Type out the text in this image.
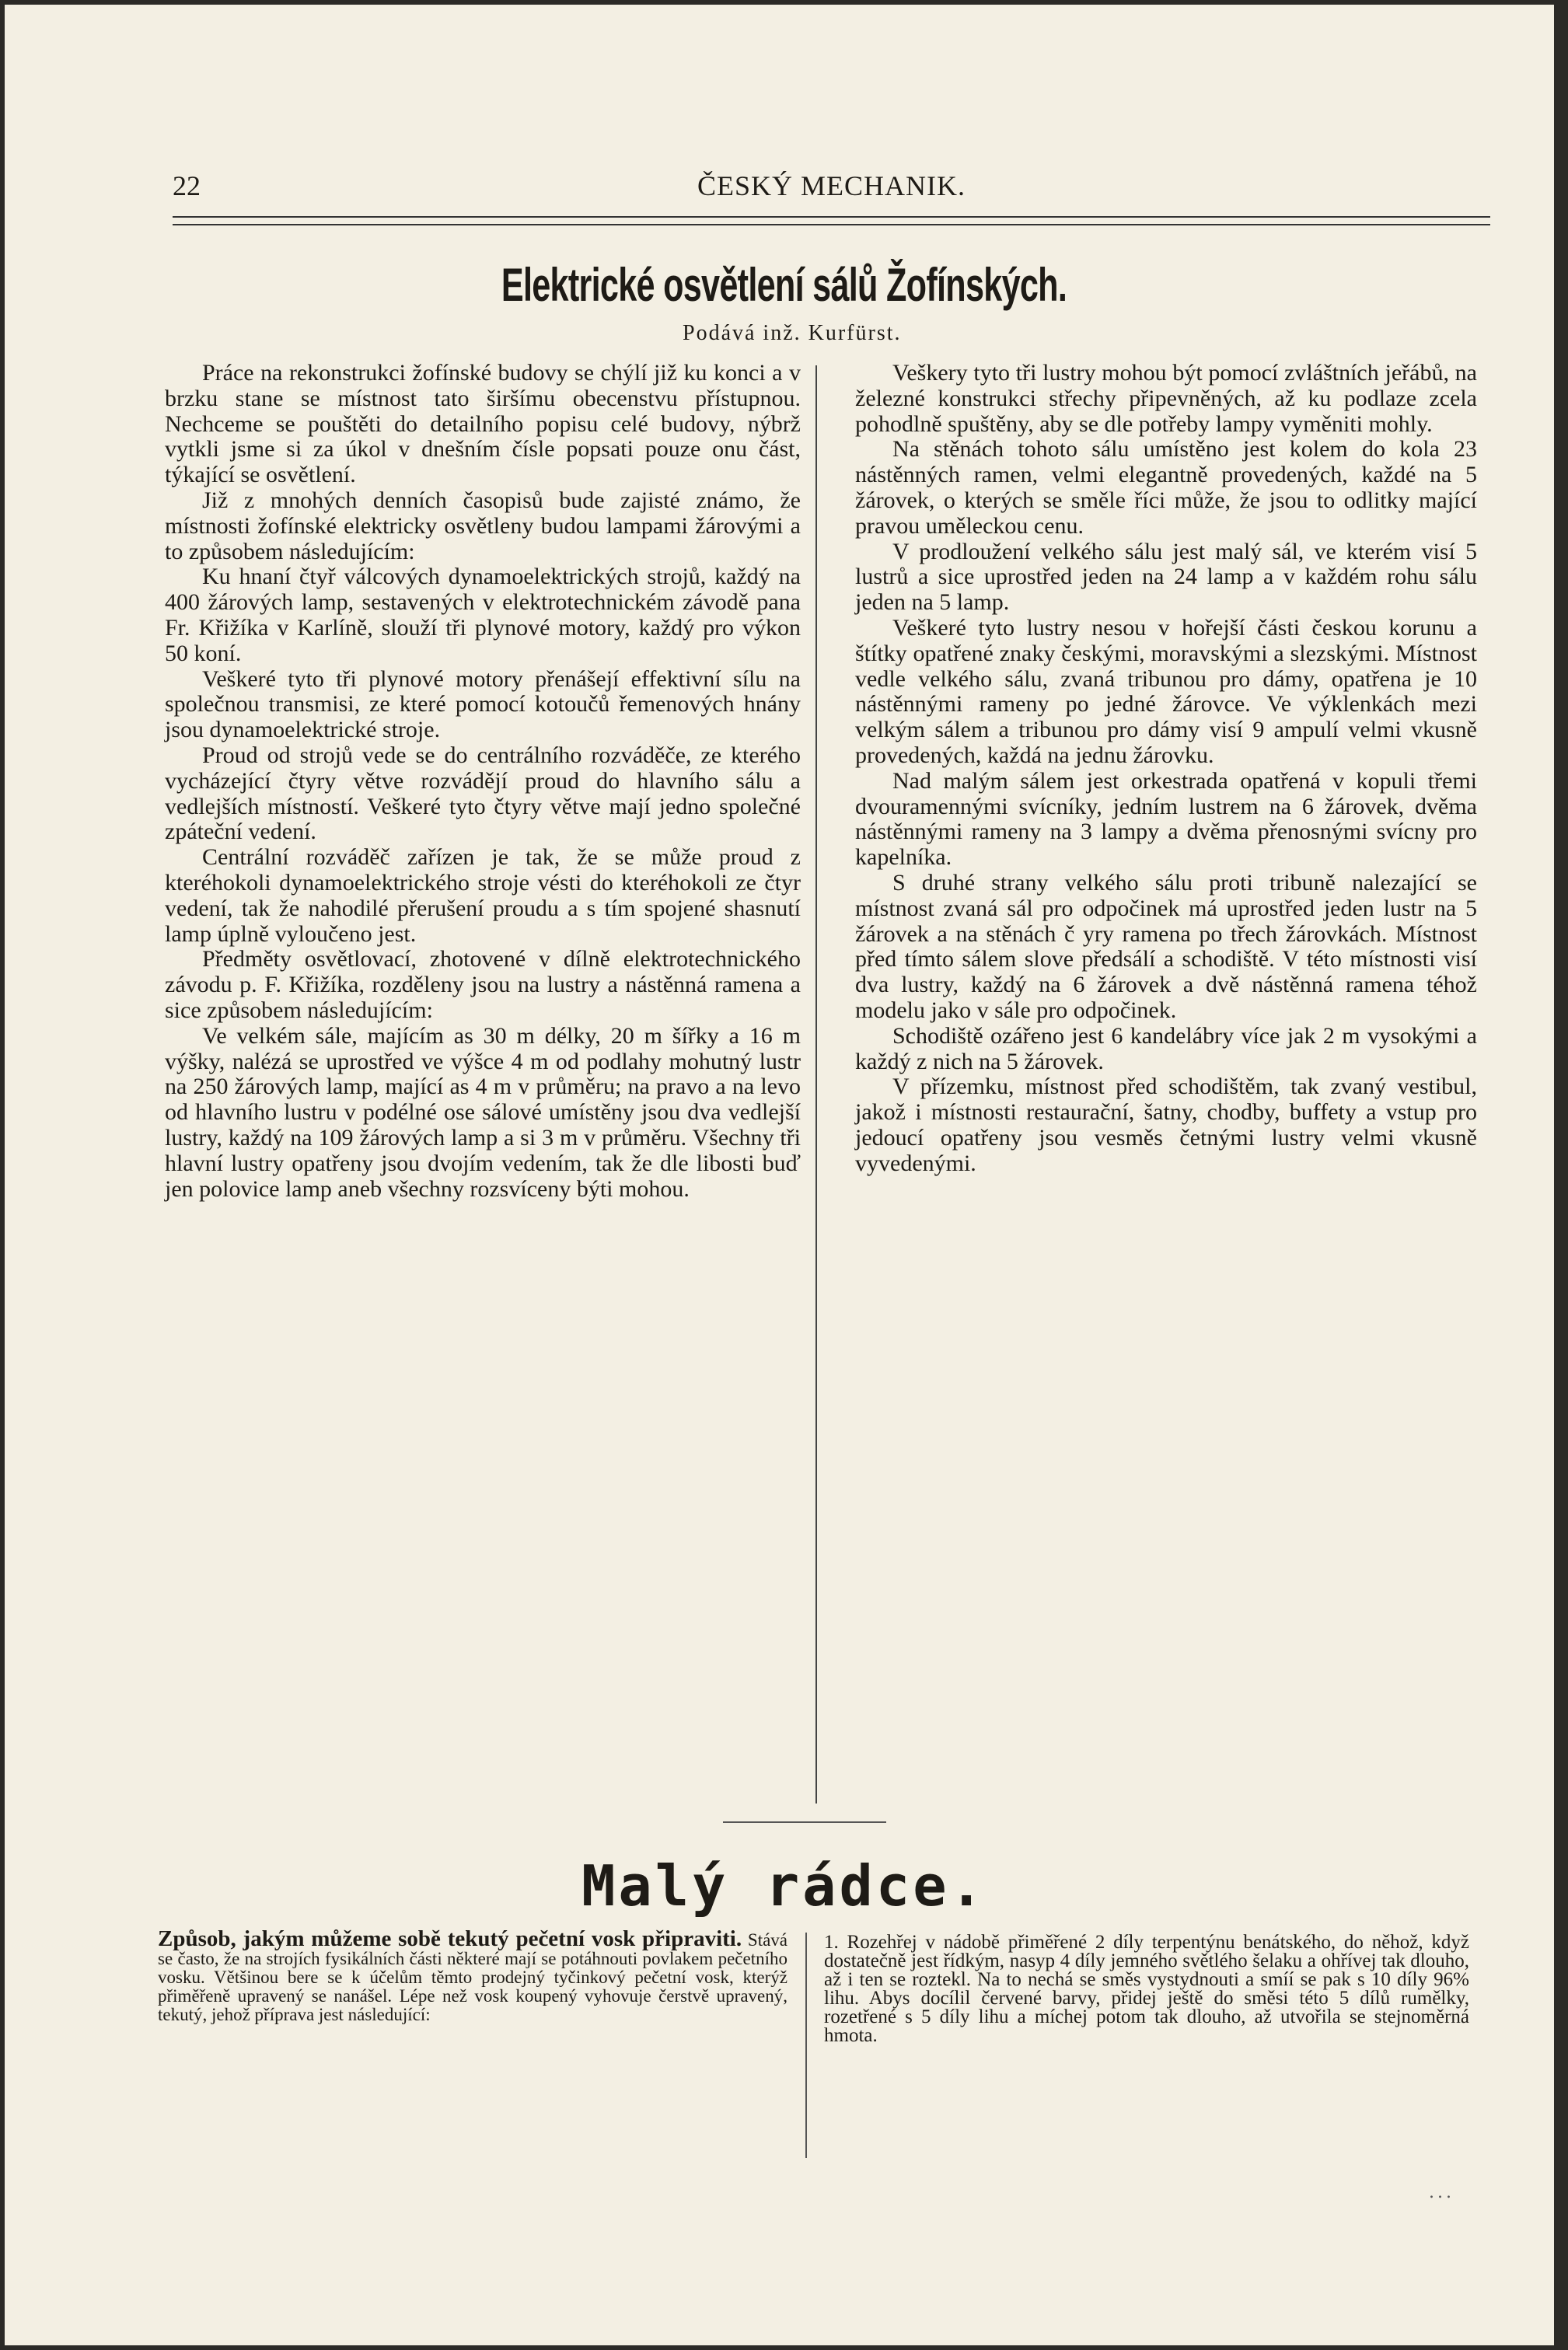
22	ČESKÝ MECHANIK.
Elektrické osvětlení sálů Žofínských.
Podává inž. Kurfürst.

Práce na rekonstrukci žofínské budovy se chýlí již ku konci a v brzku stane se místnost tato širšímu obecenstvu přístupnou. Nechceme se pouštěti do detailního popisu celé budovy, nýbrž vytkli jsme si za úkol v dnešním čísle popsati pouze onu část, týkající se osvětlení.

Již z mnohých denních časopisů bude zajisté známo, že místnosti žofínské elektricky osvětleny budou lampami žárovými a to způsobem následujícím:

Ku hnaní čtyř válcových dynamoelektrických strojů, každý na 400 žárových lamp, sestavených v elektrotechnickém závodě pana Fr. Křižíka v Karlíně, slouží tři plynové motory, každý pro výkon 50 koní.

Veškeré tyto tři plynové motory přenášejí effektivní sílu na společnou transmisi, ze které pomocí kotoučů řemenových hnány jsou dynamoelektrické stroje.

Proud od strojů vede se do centrálního rozváděče, ze kterého vycházející čtyry větve rozvádějí proud do hlavního sálu a vedlejších místností. Veškeré tyto čtyry větve mají jedno společné zpáteční vedení.

Centrální rozváděč zařízen je tak, že se může proud z kteréhokoli dynamoelektrického stroje vésti do kteréhokoli ze čtyr vedení, tak že nahodilé přerušení proudu a s tím spojené shasnutí lamp úplně vyloučeno jest.

Předměty osvětlovací, zhotovené v dílně elektrotechnického závodu p. F. Křižíka, rozděleny jsou na lustry a nástěnná ramena a sice způsobem následujícím:

Ve velkém sále, majícím as 30 m délky, 20 m šířky a 16 m výšky, nalézá se uprostřed ve výšce 4 m od podlahy mohutný lustr na 250 žárových lamp, mající as 4 m v průměru; na pravo a na levo od hlavního lustru v podélné ose sálové umístěny jsou dva vedlejší lustry, každý na 109 žárových lamp a si 3 m v průměru. Všechny tři hlavní lustry opatřeny jsou dvojím vedením, tak že dle libosti buď jen polovice lamp aneb všechny rozsvíceny býti mohou.

Veškery tyto tři lustry mohou být pomocí zvláštních jeřábů, na železné konstrukci střechy připevněných, až ku podlaze zcela pohodlně spuštěny, aby se dle potřeby lampy vyměniti mohly.

Na stěnách tohoto sálu umístěno jest kolem do kola 23 nástěnných ramen, velmi elegantně provedených, každé na 5 žárovek, o kterých se směle říci může, že jsou to odlitky mající pravou uměleckou cenu.

V prodloužení velkého sálu jest malý sál, ve kterém visí 5 lustrů a sice uprostřed jeden na 24 lamp a v každém rohu sálu jeden na 5 lamp.

Veškeré tyto lustry nesou v hořejší části českou korunu a štítky opatřené znaky českými, moravskými a slezskými. Místnost vedle velkého sálu, zvaná tribunou pro dámy, opatřena je 10 nástěnnými rameny po jedné žárovce. Ve výklenkách mezi velkým sálem a tribunou pro dámy visí 9 ampulí velmi vkusně provedených, každá na jednu žárovku.

Nad malým sálem jest orkestrada opatřená v kopuli třemi dvouramennými svícníky, jedním lustrem na 6 žárovek, dvěma nástěnnými rameny na 3 lampy a dvěma přenosnými svícny pro kapelníka.

S druhé strany velkého sálu proti tribuně nalezající se místnost zvaná sál pro odpočinek má uprostřed jeden lustr na 5 žárovek a na stěnách č yry ramena po třech žárovkách. Místnost před tímto sálem slove předsálí a schodiště. V této místnosti visí dva lustry, každý na 6 žárovek a dvě nástěnná ramena téhož modelu jako v sále pro odpočinek.

Schodiště ozářeno jest 6 kandelábry více jak 2 m vysokými a každý z nich na 5 žárovek.

V přízemku, místnost před schodištěm, tak zvaný vestibul, jakož i místnosti restaurační, šatny, chodby, buffety a vstup pro jedoucí opatřeny jsou vesměs četnými lustry velmi vkusně vyvedenými.

Malý rádce.

Způsob, jakým můžeme sobě tekutý pečetní vosk připraviti. Stává se často, že na strojích fysikálních části některé mají se potáhnouti povlakem pečetního vosku. Většinou bere se k účelům těmto prodejný tyčinkový pečetní vosk, kterýž přiměřeně upravený se nanášel. Lépe než vosk koupený vyhovuje čerstvě upravený, tekutý, jehož příprava jest následující:

1. Rozehřej v nádobě přiměřené 2 díly terpentýnu benátského, do něhož, když dostatečně jest řídkým, nasyp 4 díly jemného světlého šelaku a ohřívej tak dlouho, až i ten se roztekl. Na to nechá se směs vystydnouti a smíí se pak s 10 díly 96% lihu. Abys docílil červené barvy, přidej ještě do směsi této 5 dílů rumělky, rozetřené s 5 díly lihu a míchej potom tak dlouho, až utvořila se stejnoměrná hmota.

...
